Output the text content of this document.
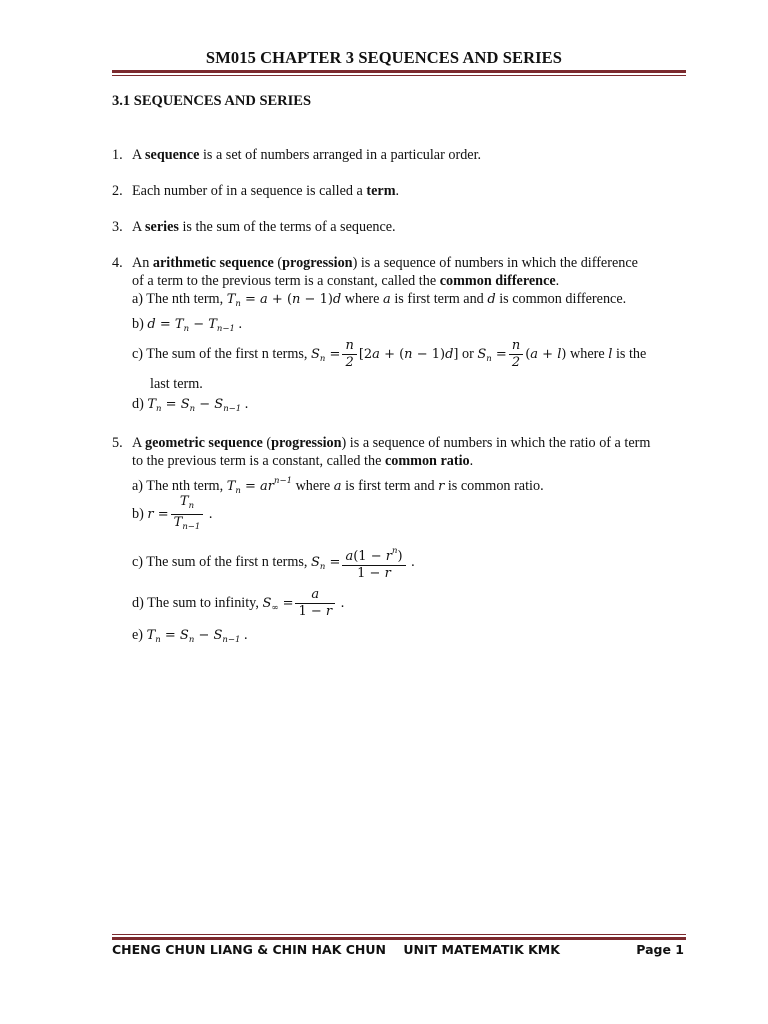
SM015 CHAPTER 3 SEQUENCES AND SERIES
3.1 SEQUENCES AND SERIES
1. A sequence is a set of numbers arranged in a particular order.
2. Each number of in a sequence is called a term.
3. A series is the sum of the terms of a sequence.
4. An arithmetic sequence (progression) is a sequence of numbers in which the difference
of a term to the previous term is a constant, called the common difference.
a) The nth term, $T_n = a + (n - 1)d$ where a is first term and d is common difference.
b) $d = T_n - T_{n-1}$ .
c) The sum of the first n terms, $S_n = \frac{n}{2} [2a + (n - 1)d]$ or $S_n = \frac{n}{2} (a + l)$ where l is the
last term.
d) $T_n = S_n - S_{n-1}$ .
5. A geometric sequence (progression) is a sequence of numbers in which the ratio of a term
to the previous term is a constant, called the common ratio.
a) The nth term, $T_n = ar^{n-1}$ where a is first term and r is common ratio.
b) $r = \frac{T_n}{T_{n-1}}$ .
c) The sum of the first n terms, $S_n = \frac{a(1 - r^n)}{1 - r}$ .
d) The sum to infinity, $S_\infty = \frac{a}{1 - r}$ .
e) $T_n = S_n - S_{n-1}$ .
CHENG CHUN LIANG & CHIN HAK CHUN UNIT MATEMATIK KMK	Page 1
